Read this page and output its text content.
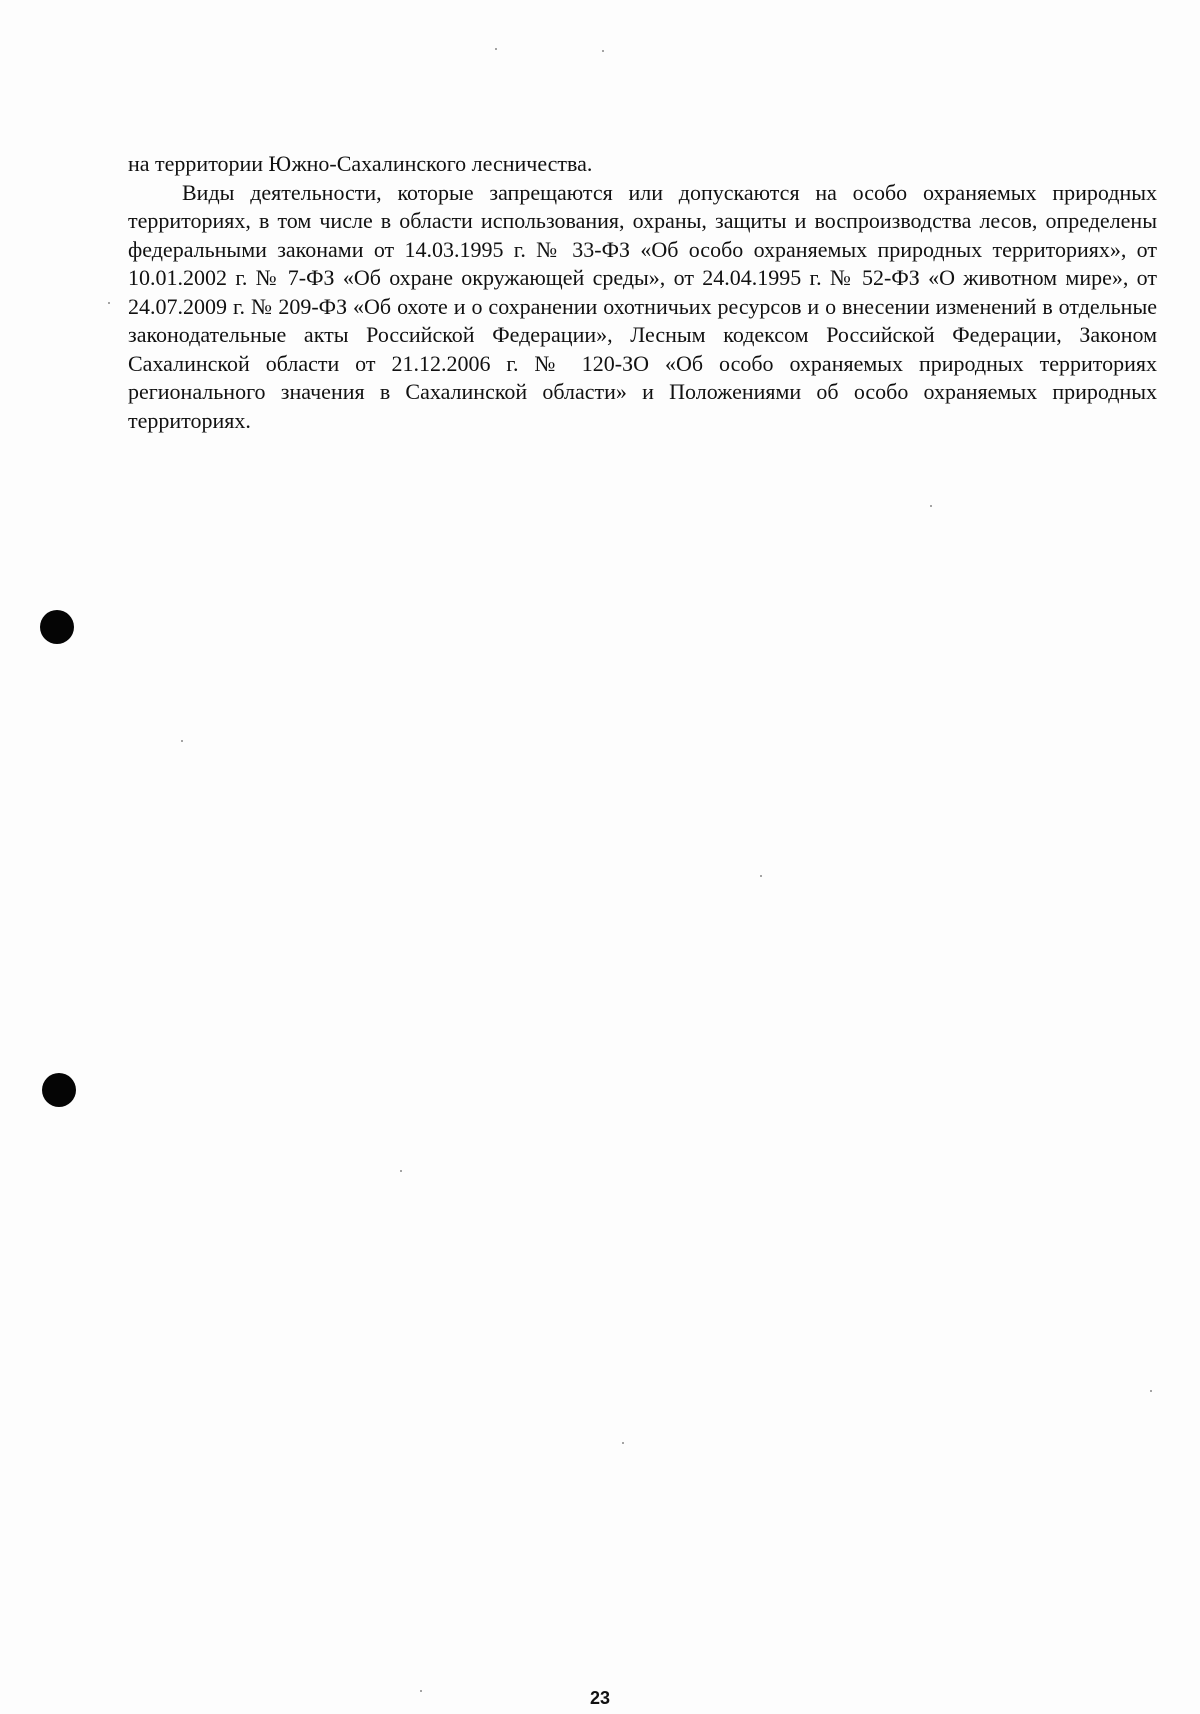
на территории Южно-Сахалинского лесничества.

Виды деятельности, которые запрещаются или допускаются на особо охраняемых природных территориях, в том числе в области использования, охраны, защиты и воспроизводства лесов, определены федеральными законами от 14.03.1995 г. № 33-ФЗ «Об особо охраняемых природных территориях», от 10.01.2002 г. № 7-ФЗ «Об охране окружающей среды», от 24.04.1995 г. № 52-ФЗ «О животном мире», от 24.07.2009 г. № 209-ФЗ «Об охоте и о сохранении охотничьих ресурсов и о внесении изменений в отдельные законодательные акты Российской Федерации», Лесным кодексом Российской Федерации, Законом Сахалинской области от 21.12.2006 г. № 120-ЗО «Об особо охраняемых природных территориях регионального значения в Сахалинской области» и Положениями об особо охраняемых природных территориях.

23
